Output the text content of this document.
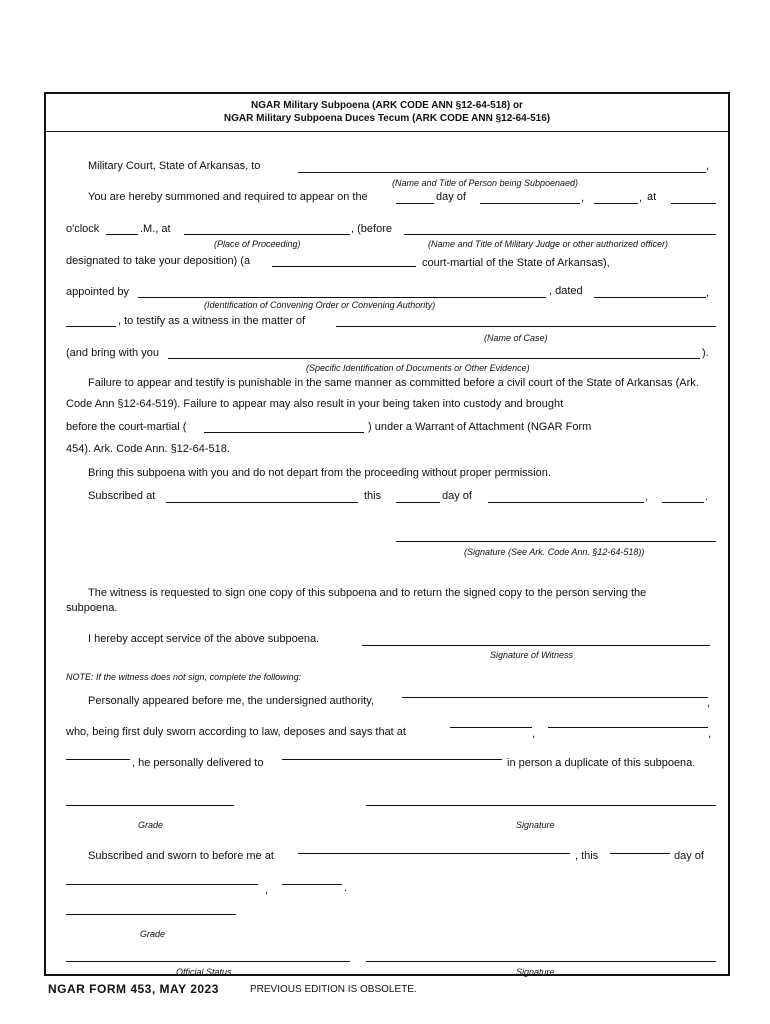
NGAR Military Subpoena (ARK CODE ANN §12-64-518) or
NGAR Military Subpoena Duces Tecum (ARK CODE ANN §12-64-516)
Military Court, State of Arkansas, to	,
(Name and Title of Person being Subpoenaed)
You are hereby summoned and required to appear on the	day of	,	, at
o'clock	.M., at	, (before
(Place of Proceeding)	(Name and Title of Military Judge or other authorized officer)
designated to take your deposition) (a	court-martial of the State of Arkansas),
appointed by	, dated	,
(Identification of Convening Order or Convening Authority)
, to testify as a witness in the matter of
(Name of Case)
(and bring with you	).
(Specific Identification of Documents or Other Evidence)
Failure to appear and testify is punishable in the same manner as committed before a civil court of the State of Arkansas (Ark.
Code Ann §12-64-519). Failure to appear may also result in your being taken into custody and brought
before the court-martial (	) under a Warrant of Attachment (NGAR Form
454). Ark. Code Ann. §12-64-518.
Bring this subpoena with you and do not depart from the proceeding without proper permission.
Subscribed at	this	day of	,	.
(Signature (See Ark. Code Ann. §12-64-518))
The witness is requested to sign one copy of this subpoena and to return the signed copy to the person serving the
subpoena.
I hereby accept service of the above subpoena.
Signature of Witness
NOTE: If the witness does not sign, complete the following:
Personally appeared before me, the undersigned authority,	,
who, being first duly sworn according to law, deposes and says that at	,	,
, he personally delivered to	in person a duplicate of this subpoena.
Grade	Signature
Subscribed and sworn to before me at	, this	day of
,	.
Grade
Official Status	Signature
NGAR FORM 453, MAY 2023	PREVIOUS EDITION IS OBSOLETE.
